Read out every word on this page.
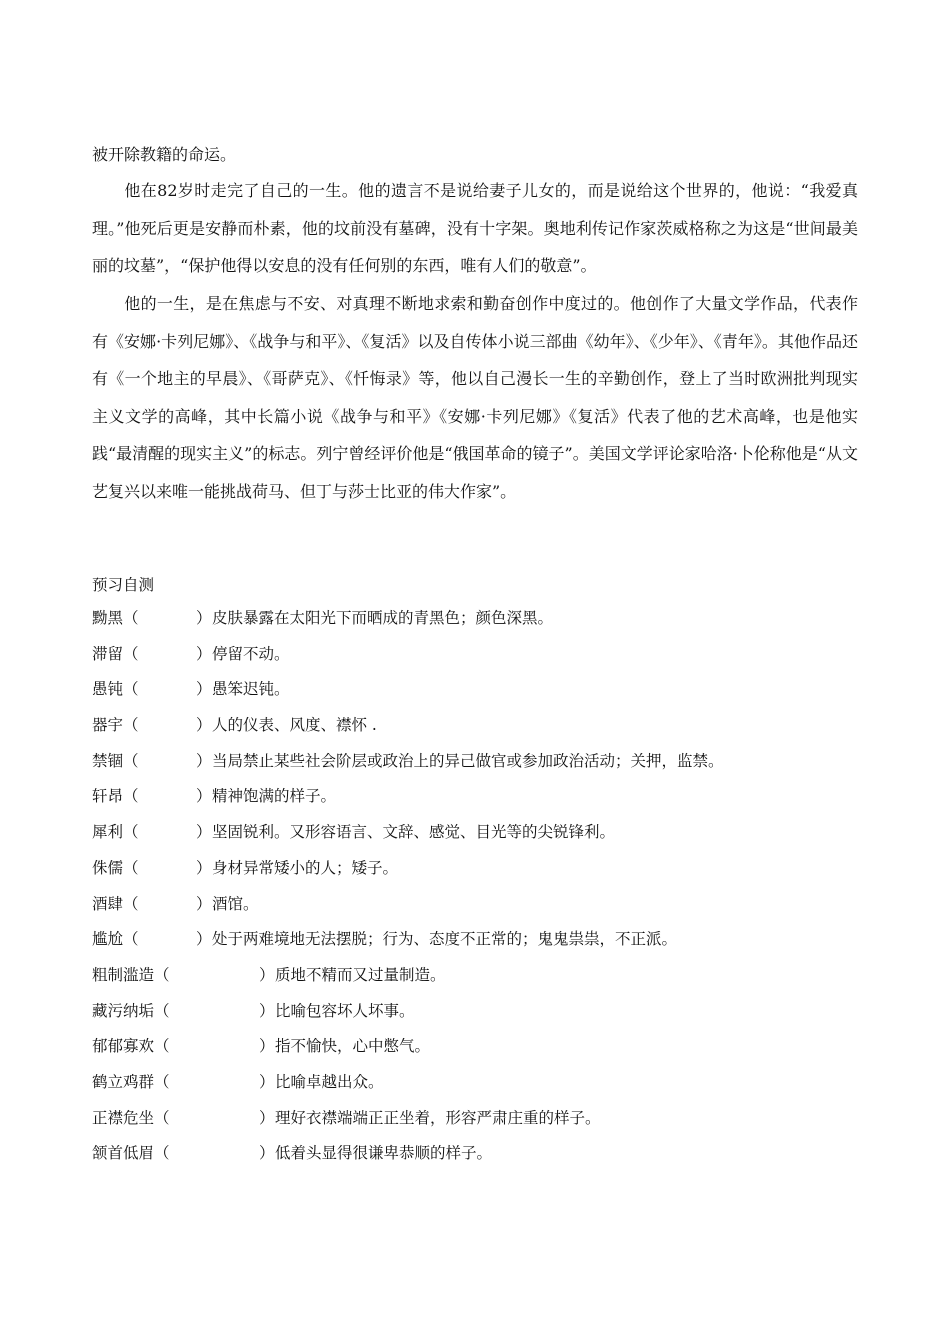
被开除教籍的命运。

他在82岁时走完了自己的一生。他的遗言不是说给妻子儿女的，而是说给这个世界的，他说：“我爱真理。”他死后更是安静而朴素，他的坟前没有墓碑，没有十字架。奥地利传记作家茨威格称之为这是“世间最美丽的坟墓”，“保护他得以安息的没有任何别的东西，唯有人们的敬意”。

他的一生，是在焦虑与不安、对真理不断地求索和勤奋创作中度过的。他创作了大量文学作品，代表作有《安娜·卡列尼娜》、《战争与和平》、《复活》以及自传体小说三部曲《幼年》、《少年》、《青年》。其他作品还有《一个地主的早晨》、《哥萨克》、《忏悔录》等，他以自己漫长一生的辛勤创作，登上了当时欧洲批判现实主义文学的高峰，其中长篇小说《战争与和平》《安娜·卡列尼娜》《复活》代表了他的艺术高峰，也是他实践“最清醒的现实主义”的标志。列宁曾经评价他是“俄国革命的镜子”。美国文学评论家哈洛·卜伦称他是“从文艺复兴以来唯一能挑战荷马、但丁与莎士比亚的伟大作家”。

预习自测

黝黑（	） 皮肤暴露在太阳光下而晒成的青黑色；颜色深黑。
滞留（	） 停留不动。
愚钝（	） 愚笨迟钝。
器宇（	） 人的仪表、风度、襟怀 .
禁锢（	） 当局禁止某些社会阶层或政治上的异己做官或参加政治活动；关押，监禁。
轩昂（	） 精神饱满的样子。
犀利（	） 坚固锐利。又形容语言、文辞、感觉、目光等的尖锐锋利。
侏儒（	） 身材异常矮小的人；矮子。
酒肆（	） 酒馆。
尴尬（	） 处于两难境地无法摆脱；行为、态度不正常的；鬼鬼祟祟，不正派。
粗制滥造（	） 质地不精而又过量制造。
藏污纳垢（	） 比喻包容坏人坏事。
郁郁寡欢（	） 指不愉快，心中憋气。
鹤立鸡群（	） 比喻卓越出众。
正襟危坐（	） 理好衣襟端端正正坐着，形容严肃庄重的样子。
颔首低眉（	） 低着头显得很谦卑恭顺的样子。
